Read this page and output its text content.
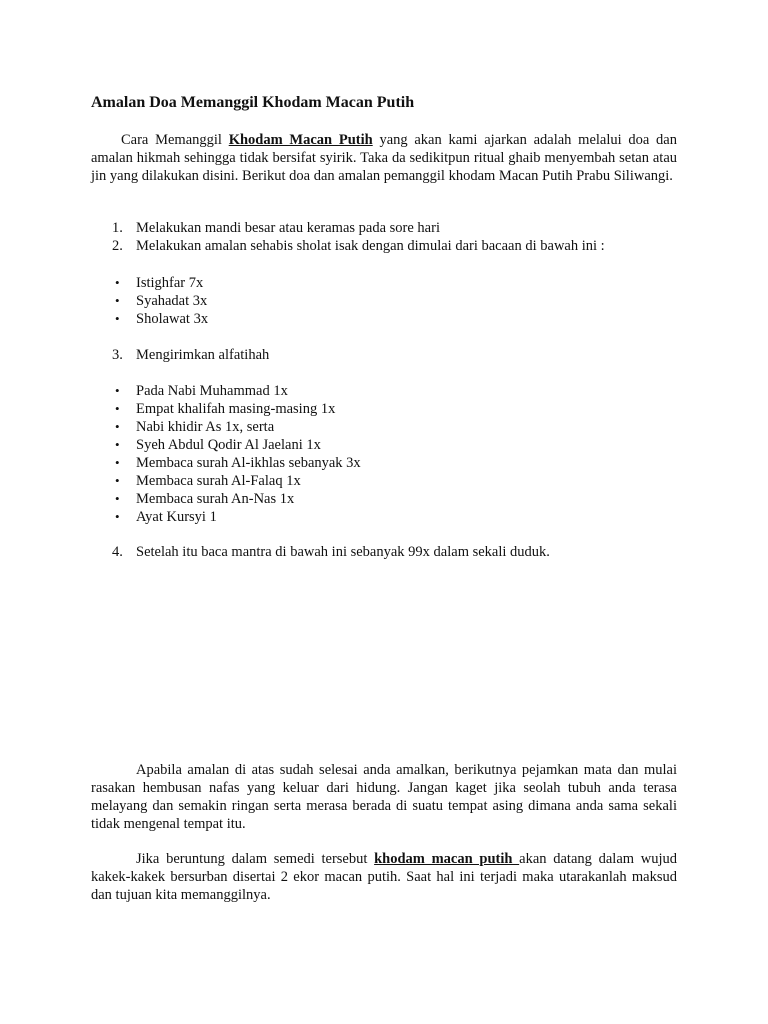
Amalan Doa Memanggil Khodam Macan Putih

Cara Memanggil Khodam Macan Putih yang akan kami ajarkan adalah melalui doa dan amalan hikmah sehingga tidak bersifat syirik. Taka da sedikitpun ritual ghaib menyembah setan atau jin yang dilakukan disini. Berikut doa dan amalan pemanggil khodam Macan Putih Prabu Siliwangi.

1. Melakukan mandi besar atau keramas pada sore hari
2. Melakukan amalan sehabis sholat isak dengan dimulai dari bacaan di bawah ini :
• Istighfar 7x
• Syahadat 3x
• Sholawat 3x
3. Mengirimkan alfatihah
• Pada Nabi Muhammad 1x
• Empat khalifah masing-masing 1x
• Nabi khidir As 1x, serta
• Syeh Abdul Qodir Al Jaelani 1x
• Membaca surah Al-ikhlas sebanyak 3x
• Membaca surah Al-Falaq 1x
• Membaca surah An-Nas 1x
• Ayat Kursyi 1
4. Setelah itu baca mantra di bawah ini sebanyak 99x dalam sekali duduk.

Apabila amalan di atas sudah selesai anda amalkan, berikutnya pejamkan mata dan mulai rasakan hembusan nafas yang keluar dari hidung. Jangan kaget jika seolah tubuh anda terasa melayang dan semakin ringan serta merasa berada di suatu tempat asing dimana anda sama sekali tidak mengenal tempat itu.

Jika beruntung dalam semedi tersebut khodam macan putih akan datang dalam wujud kakek-kakek bersurban disertai 2 ekor macan putih. Saat hal ini terjadi maka utarakanlah maksud dan tujuan kita memanggilnya.
